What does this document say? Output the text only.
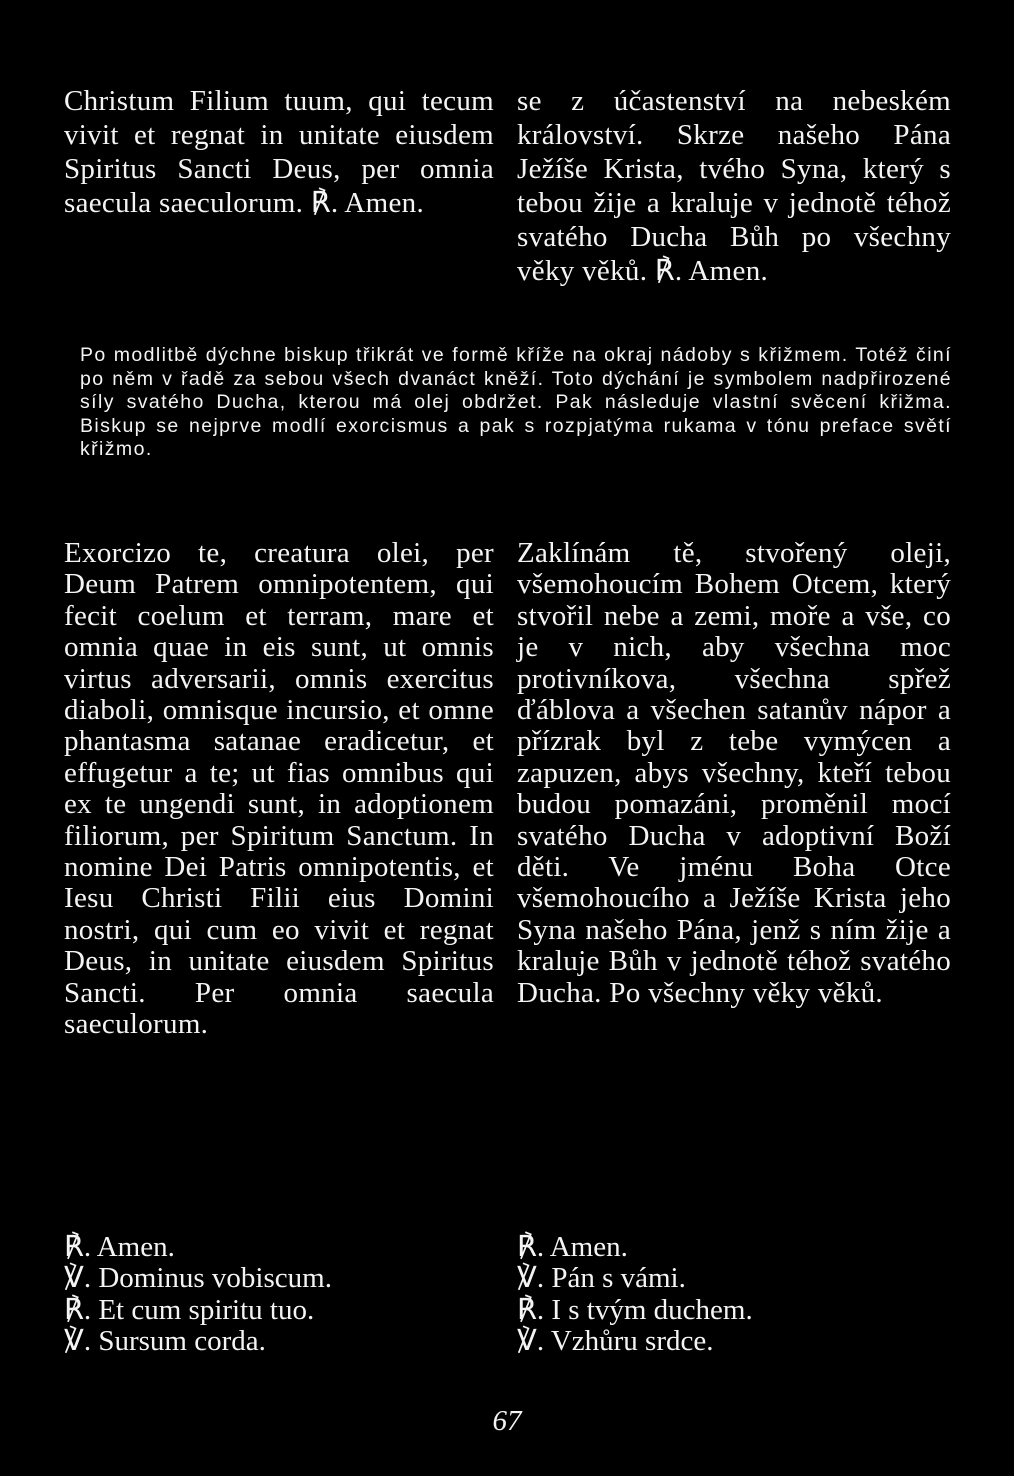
Christum Filium tuum, qui tecum vivit et regnat in unitate eiusdem Spiritus Sancti Deus, per omnia saecula saeculorum. ℟. Amen.

se z účastenství na nebeském království. Skrze našeho Pána Ježíše Krista, tvého Syna, který s tebou žije a kraluje v jednotě téhož svatého Ducha Bůh po všechny věky věků. ℟. Amen.

Po modlitbě dýchne biskup třikrát ve formě kříže na okraj nádoby s křižmem. Totéž činí po něm v řadě za sebou všech dvanáct kněží. Toto dýchání je symbolem nadpřirozené síly svatého Ducha, kterou má olej obdržet. Pak následuje vlastní svěcení křižma. Biskup se nejprve modlí exorcismus a pak s rozpjatýma rukama v tónu preface světí křižmo.

Exorcizo te, creatura olei, per Deum Patrem omnipotentem, qui fecit coelum et terram, mare et omnia quae in eis sunt, ut omnis virtus adversarii, omnis exercitus diaboli, omnisque incursio, et omne phantasma satanae eradicetur, et effugetur a te; ut fias omnibus qui ex te ungendi sunt, in adoptionem filiorum, per Spiritum Sanctum. In nomine Dei Patris omnipotentis, et Iesu Christi Filii eius Domini nostri, qui cum eo vivit et regnat Deus, in unitate eiusdem Spiritus Sancti. Per omnia saecula saeculorum.

Zaklínám tě, stvořený oleji, všemohoucím Bohem Otcem, který stvořil nebe a zemi, moře a vše, co je v nich, aby všechna moc protivníkova, všechna spřež ďáblova a všechen satanův nápor a přízrak byl z tebe vymýcen a zapuzen, abys všechny, kteří tebou budou pomazáni, proměnil mocí svatého Ducha v adoptivní Boží děti. Ve jménu Boha Otce všemohoucího a Ježíše Krista jeho Syna našeho Pána, jenž s ním žije a kraluje Bůh v jednotě téhož svatého Ducha. Po všechny věky věků.

℟. Amen.

℣. Dominus vobiscum.

℟. Et cum spiritu tuo.

℣. Sursum corda.

℟. Amen.

℣. Pán s vámi.

℟. I s tvým duchem.

℣. Vzhůru srdce.

67
